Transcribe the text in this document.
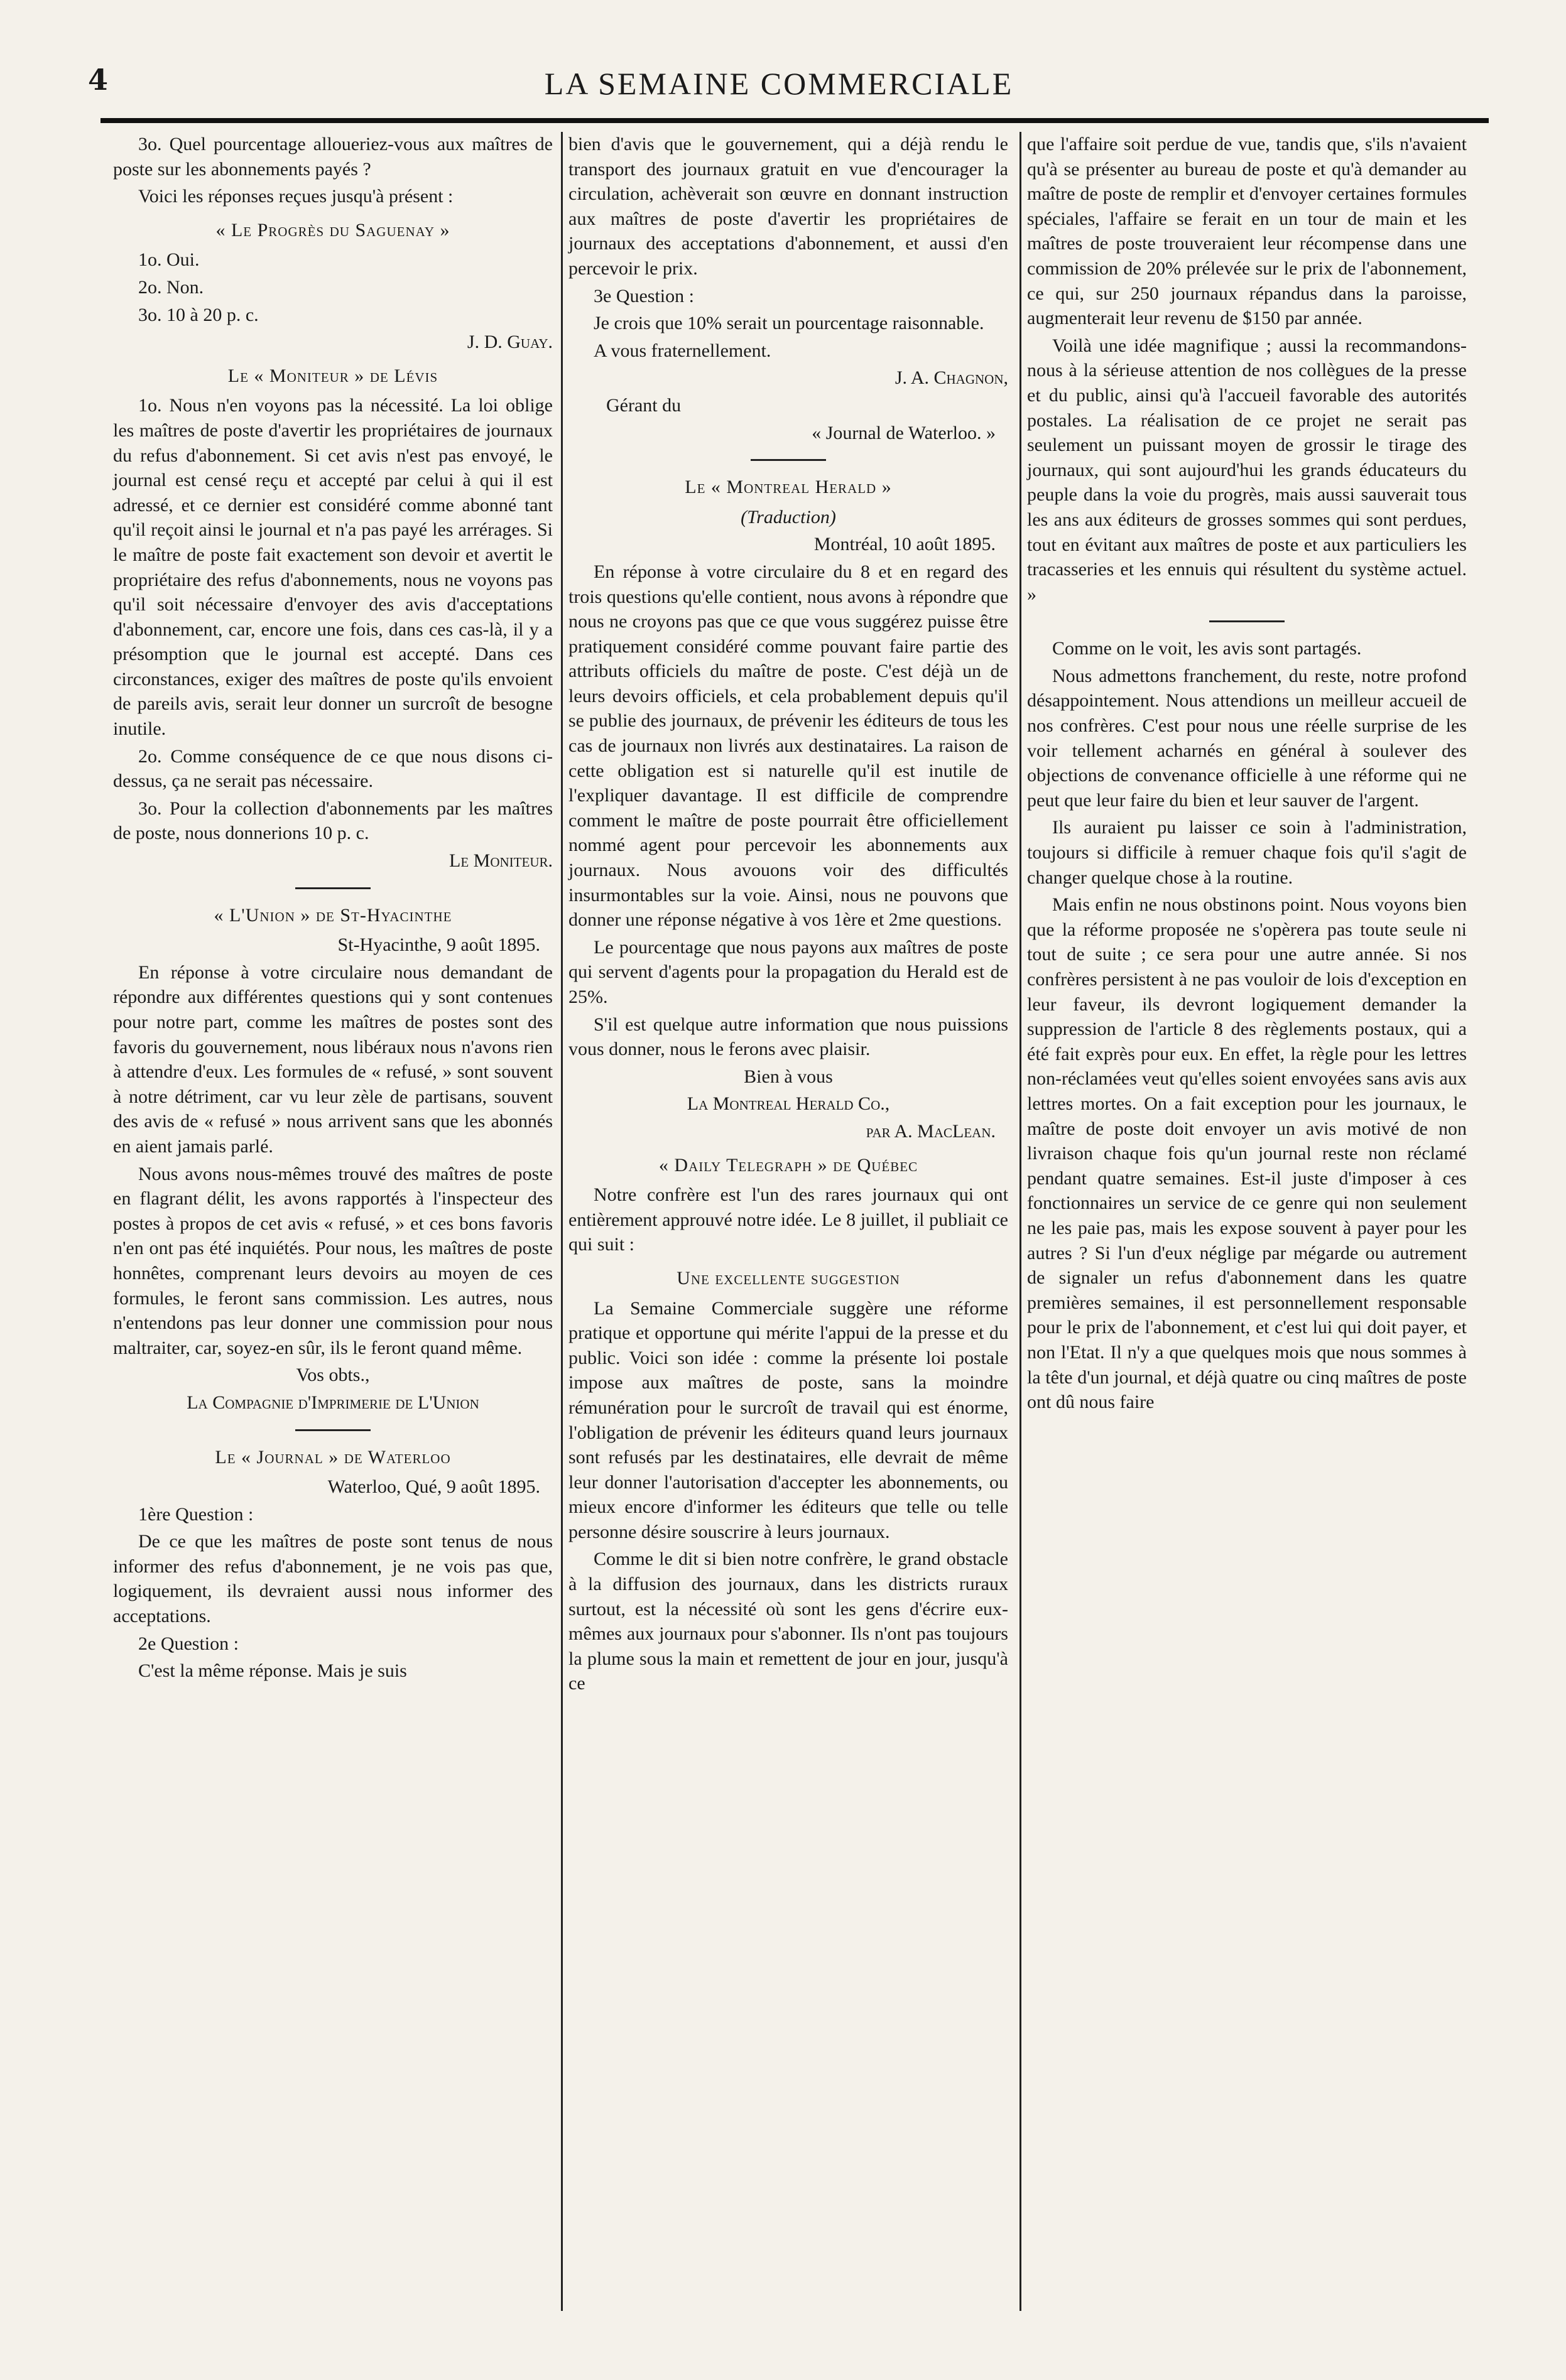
4	LA SEMAINE COMMERCIALE

3o. Quel pourcentage alloueriez-vous aux maîtres de poste sur les abonnements payés ?

Voici les réponses reçues jusqu'à présent :

« Le Progrès du Saguenay »

1o. Oui.

2o. Non.

3o. 10 à 20 p. c.

J. D. Guay.

Le « Moniteur » de Lévis

1o. Nous n'en voyons pas la nécessité. La loi oblige les maîtres de poste d'avertir les propriétaires de journaux du refus d'abonnement. Si cet avis n'est pas envoyé, le journal est censé reçu et accepté par celui à qui il est adressé, et ce dernier est considéré comme abonné tant qu'il reçoit ainsi le journal et n'a pas payé les arrérages. Si le maître de poste fait exactement son devoir et avertit le propriétaire des refus d'abonnements, nous ne voyons pas qu'il soit nécessaire d'envoyer des avis d'acceptations d'abonnement, car, encore une fois, dans ces cas-là, il y a présomption que le journal est accepté. Dans ces circonstances, exiger des maîtres de poste qu'ils envoient de pareils avis, serait leur donner un surcroît de besogne inutile.

2o. Comme conséquence de ce que nous disons ci-dessus, ça ne serait pas nécessaire.

3o. Pour la collection d'abonnements par les maîtres de poste, nous donnerions 10 p. c.

Le Moniteur.

« L'Union » de St-Hyacinthe

St-Hyacinthe, 9 août 1895.

En réponse à votre circulaire nous demandant de répondre aux différentes questions qui y sont contenues pour notre part, comme les maîtres de postes sont des favoris du gouvernement, nous libéraux nous n'avons rien à attendre d'eux. Les formules de « refusé, » sont souvent à notre détriment, car vu leur zèle de partisans, souvent des avis de « refusé » nous arrivent sans que les abonnés en aient jamais parlé.

Nous avons nous-mêmes trouvé des maîtres de poste en flagrant délit, les avons rapportés à l'inspecteur des postes à propos de cet avis « refusé, » et ces bons favoris n'en ont pas été inquiétés. Pour nous, les maîtres de poste honnêtes, comprenant leurs devoirs au moyen de ces formules, le feront sans commission. Les autres, nous n'entendons pas leur donner une commission pour nous maltraiter, car, soyez-en sûr, ils le feront quand même.

Vos obts.,

La Compagnie d'Imprimerie de L'Union

Le « Journal » de Waterloo

Waterloo, Qué, 9 août 1895.

1ère Question :

De ce que les maîtres de poste sont tenus de nous informer des refus d'abonnement, je ne vois pas que, logiquement, ils devraient aussi nous informer des acceptations.

2e Question :

C'est la même réponse. Mais je suis

bien d'avis que le gouvernement, qui a déjà rendu le transport des journaux gratuit en vue d'encourager la circulation, achèverait son œuvre en donnant instruction aux maîtres de poste d'avertir les propriétaires de journaux des acceptations d'abonnement, et aussi d'en percevoir le prix.

3e Question :

Je crois que 10% serait un pourcentage raisonnable.

A vous fraternellement.

J. A. Chagnon,

Gérant du

« Journal de Waterloo. »

Le « Montreal Herald »

(Traduction)

Montréal, 10 août 1895.

En réponse à votre circulaire du 8 et en regard des trois questions qu'elle contient, nous avons à répondre que nous ne croyons pas que ce que vous suggérez puisse être pratiquement considéré comme pouvant faire partie des attributs officiels du maître de poste. C'est déjà un de leurs devoirs officiels, et cela probablement depuis qu'il se publie des journaux, de prévenir les éditeurs de tous les cas de journaux non livrés aux destinataires. La raison de cette obligation est si naturelle qu'il est inutile de l'expliquer davantage. Il est difficile de comprendre comment le maître de poste pourrait être officiellement nommé agent pour percevoir les abonnements aux journaux. Nous avouons voir des difficultés insurmontables sur la voie. Ainsi, nous ne pouvons que donner une réponse négative à vos 1ère et 2me questions.

Le pourcentage que nous payons aux maîtres de poste qui servent d'agents pour la propagation du Herald est de 25%.

S'il est quelque autre information que nous puissions vous donner, nous le ferons avec plaisir.

Bien à vous

La Montreal Herald Co.,

par A. MacLean.

« Daily Telegraph » de Québec

Notre confrère est l'un des rares journaux qui ont entièrement approuvé notre idée. Le 8 juillet, il publiait ce qui suit :

Une excellente suggestion

La Semaine Commerciale suggère une réforme pratique et opportune qui mérite l'appui de la presse et du public. Voici son idée : comme la présente loi postale impose aux maîtres de poste, sans la moindre rémunération pour le surcroît de travail qui est énorme, l'obligation de prévenir les éditeurs quand leurs journaux sont refusés par les destinataires, elle devrait de même leur donner l'autorisation d'accepter les abonnements, ou mieux encore d'informer les éditeurs que telle ou telle personne désire souscrire à leurs journaux.

Comme le dit si bien notre confrère, le grand obstacle à la diffusion des journaux, dans les districts ruraux surtout, est la nécessité où sont les gens d'écrire eux-mêmes aux journaux pour s'abonner. Ils n'ont pas toujours la plume sous la main et remettent de jour en jour, jusqu'à ce

que l'affaire soit perdue de vue, tandis que, s'ils n'avaient qu'à se présenter au bureau de poste et qu'à demander au maître de poste de remplir et d'envoyer certaines formules spéciales, l'affaire se ferait en un tour de main et les maîtres de poste trouveraient leur récompense dans une commission de 20% prélevée sur le prix de l'abonnement, ce qui, sur 250 journaux répandus dans la paroisse, augmenterait leur revenu de $150 par année.

Voilà une idée magnifique ; aussi la recommandons-nous à la sérieuse attention de nos collègues de la presse et du public, ainsi qu'à l'accueil favorable des autorités postales. La réalisation de ce projet ne serait pas seulement un puissant moyen de grossir le tirage des journaux, qui sont aujourd'hui les grands éducateurs du peuple dans la voie du progrès, mais aussi sauverait tous les ans aux éditeurs de grosses sommes qui sont perdues, tout en évitant aux maîtres de poste et aux particuliers les tracasseries et les ennuis qui résultent du système actuel. »

Comme on le voit, les avis sont partagés.

Nous admettons franchement, du reste, notre profond désappointement. Nous attendions un meilleur accueil de nos confrères. C'est pour nous une réelle surprise de les voir tellement acharnés en général à soulever des objections de convenance officielle à une réforme qui ne peut que leur faire du bien et leur sauver de l'argent.

Ils auraient pu laisser ce soin à l'administration, toujours si difficile à remuer chaque fois qu'il s'agit de changer quelque chose à la routine.

Mais enfin ne nous obstinons point. Nous voyons bien que la réforme proposée ne s'opèrera pas toute seule ni tout de suite ; ce sera pour une autre année. Si nos confrères persistent à ne pas vouloir de lois d'exception en leur faveur, ils devront logiquement demander la suppression de l'article 8 des règlements postaux, qui a été fait exprès pour eux. En effet, la règle pour les lettres non-réclamées veut qu'elles soient envoyées sans avis aux lettres mortes. On a fait exception pour les journaux, le maître de poste doit envoyer un avis motivé de non livraison chaque fois qu'un journal reste non réclamé pendant quatre semaines. Est-il juste d'imposer à ces fonctionnaires un service de ce genre qui non seulement ne les paie pas, mais les expose souvent à payer pour les autres ? Si l'un d'eux néglige par mégarde ou autrement de signaler un refus d'abonnement dans les quatre premières semaines, il est personnellement responsable pour le prix de l'abonnement, et c'est lui qui doit payer, et non l'Etat. Il n'y a que quelques mois que nous sommes à la tête d'un journal, et déjà quatre ou cinq maîtres de poste ont dû nous faire
